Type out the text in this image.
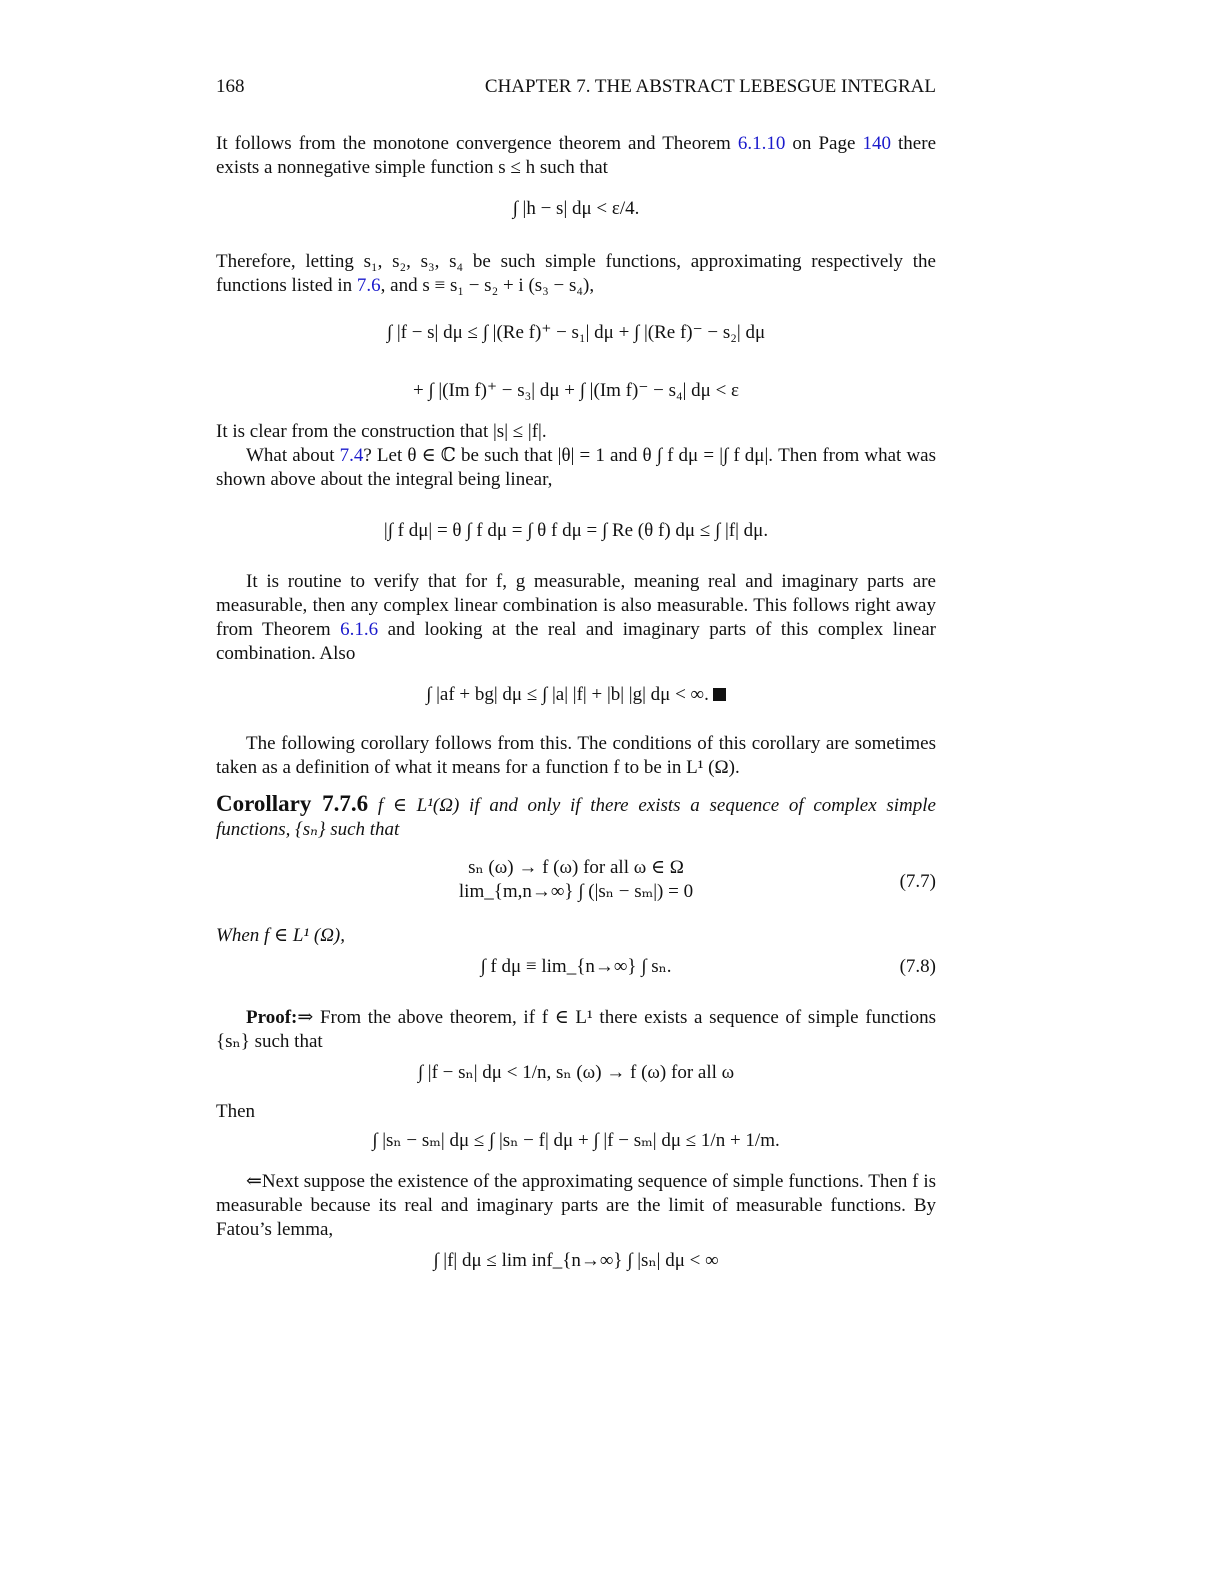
168	CHAPTER 7. THE ABSTRACT LEBESGUE INTEGRAL
It follows from the monotone convergence theorem and Theorem 6.1.10 on Page 140 there exists a nonnegative simple function s ≤ h such that
∫ |h − s| dμ < ε/4.
Therefore, letting s₁, s₂, s₃, s₄ be such simple functions, approximating respectively the functions listed in 7.6, and s ≡ s₁ − s₂ + i (s₃ − s₄),
∫ |f − s| dμ ≤ ∫ |(Re f)⁺ − s₁| dμ + ∫ |(Re f)⁻ − s₂| dμ
+ ∫ |(Im f)⁺ − s₃| dμ + ∫ |(Im f)⁻ − s₄| dμ < ε
It is clear from the construction that |s| ≤ |f|.
What about 7.4? Let θ ∈ ℂ be such that |θ| = 1 and θ ∫ f dμ = |∫ f dμ|. Then from what was shown above about the integral being linear,
|∫ f dμ| = θ ∫ f dμ = ∫ θ f dμ = ∫ Re (θ f) dμ ≤ ∫ |f| dμ.
It is routine to verify that for f, g measurable, meaning real and imaginary parts are measurable, then any complex linear combination is also measurable. This follows right away from Theorem 6.1.6 and looking at the real and imaginary parts of this complex linear combination. Also
∫ |af + bg| dμ ≤ ∫ |a| |f| + |b| |g| dμ < ∞.
The following corollary follows from this. The conditions of this corollary are sometimes taken as a definition of what it means for a function f to be in L¹ (Ω).
Corollary 7.7.6 f ∈ L¹(Ω) if and only if there exists a sequence of complex simple functions, {sₙ} such that
sₙ (ω) → f (ω) for all ω ∈ Ω
lim_{m,n→∞} ∫ (|sₙ − sₘ|) = 0	(7.7)
When f ∈ L¹ (Ω),
∫ f dμ ≡ lim_{n→∞} ∫ sₙ.	(7.8)
Proof:⇒ From the above theorem, if f ∈ L¹ there exists a sequence of simple functions {sₙ} such that
∫ |f − sₙ| dμ < 1/n, sₙ (ω) → f (ω) for all ω
Then
∫ |sₙ − sₘ| dμ ≤ ∫ |sₙ − f| dμ + ∫ |f − sₘ| dμ ≤ 1/n + 1/m.
⇐Next suppose the existence of the approximating sequence of simple functions. Then f is measurable because its real and imaginary parts are the limit of measurable functions. By Fatou’s lemma,
∫ |f| dμ ≤ lim inf_{n→∞} ∫ |sₙ| dμ < ∞
